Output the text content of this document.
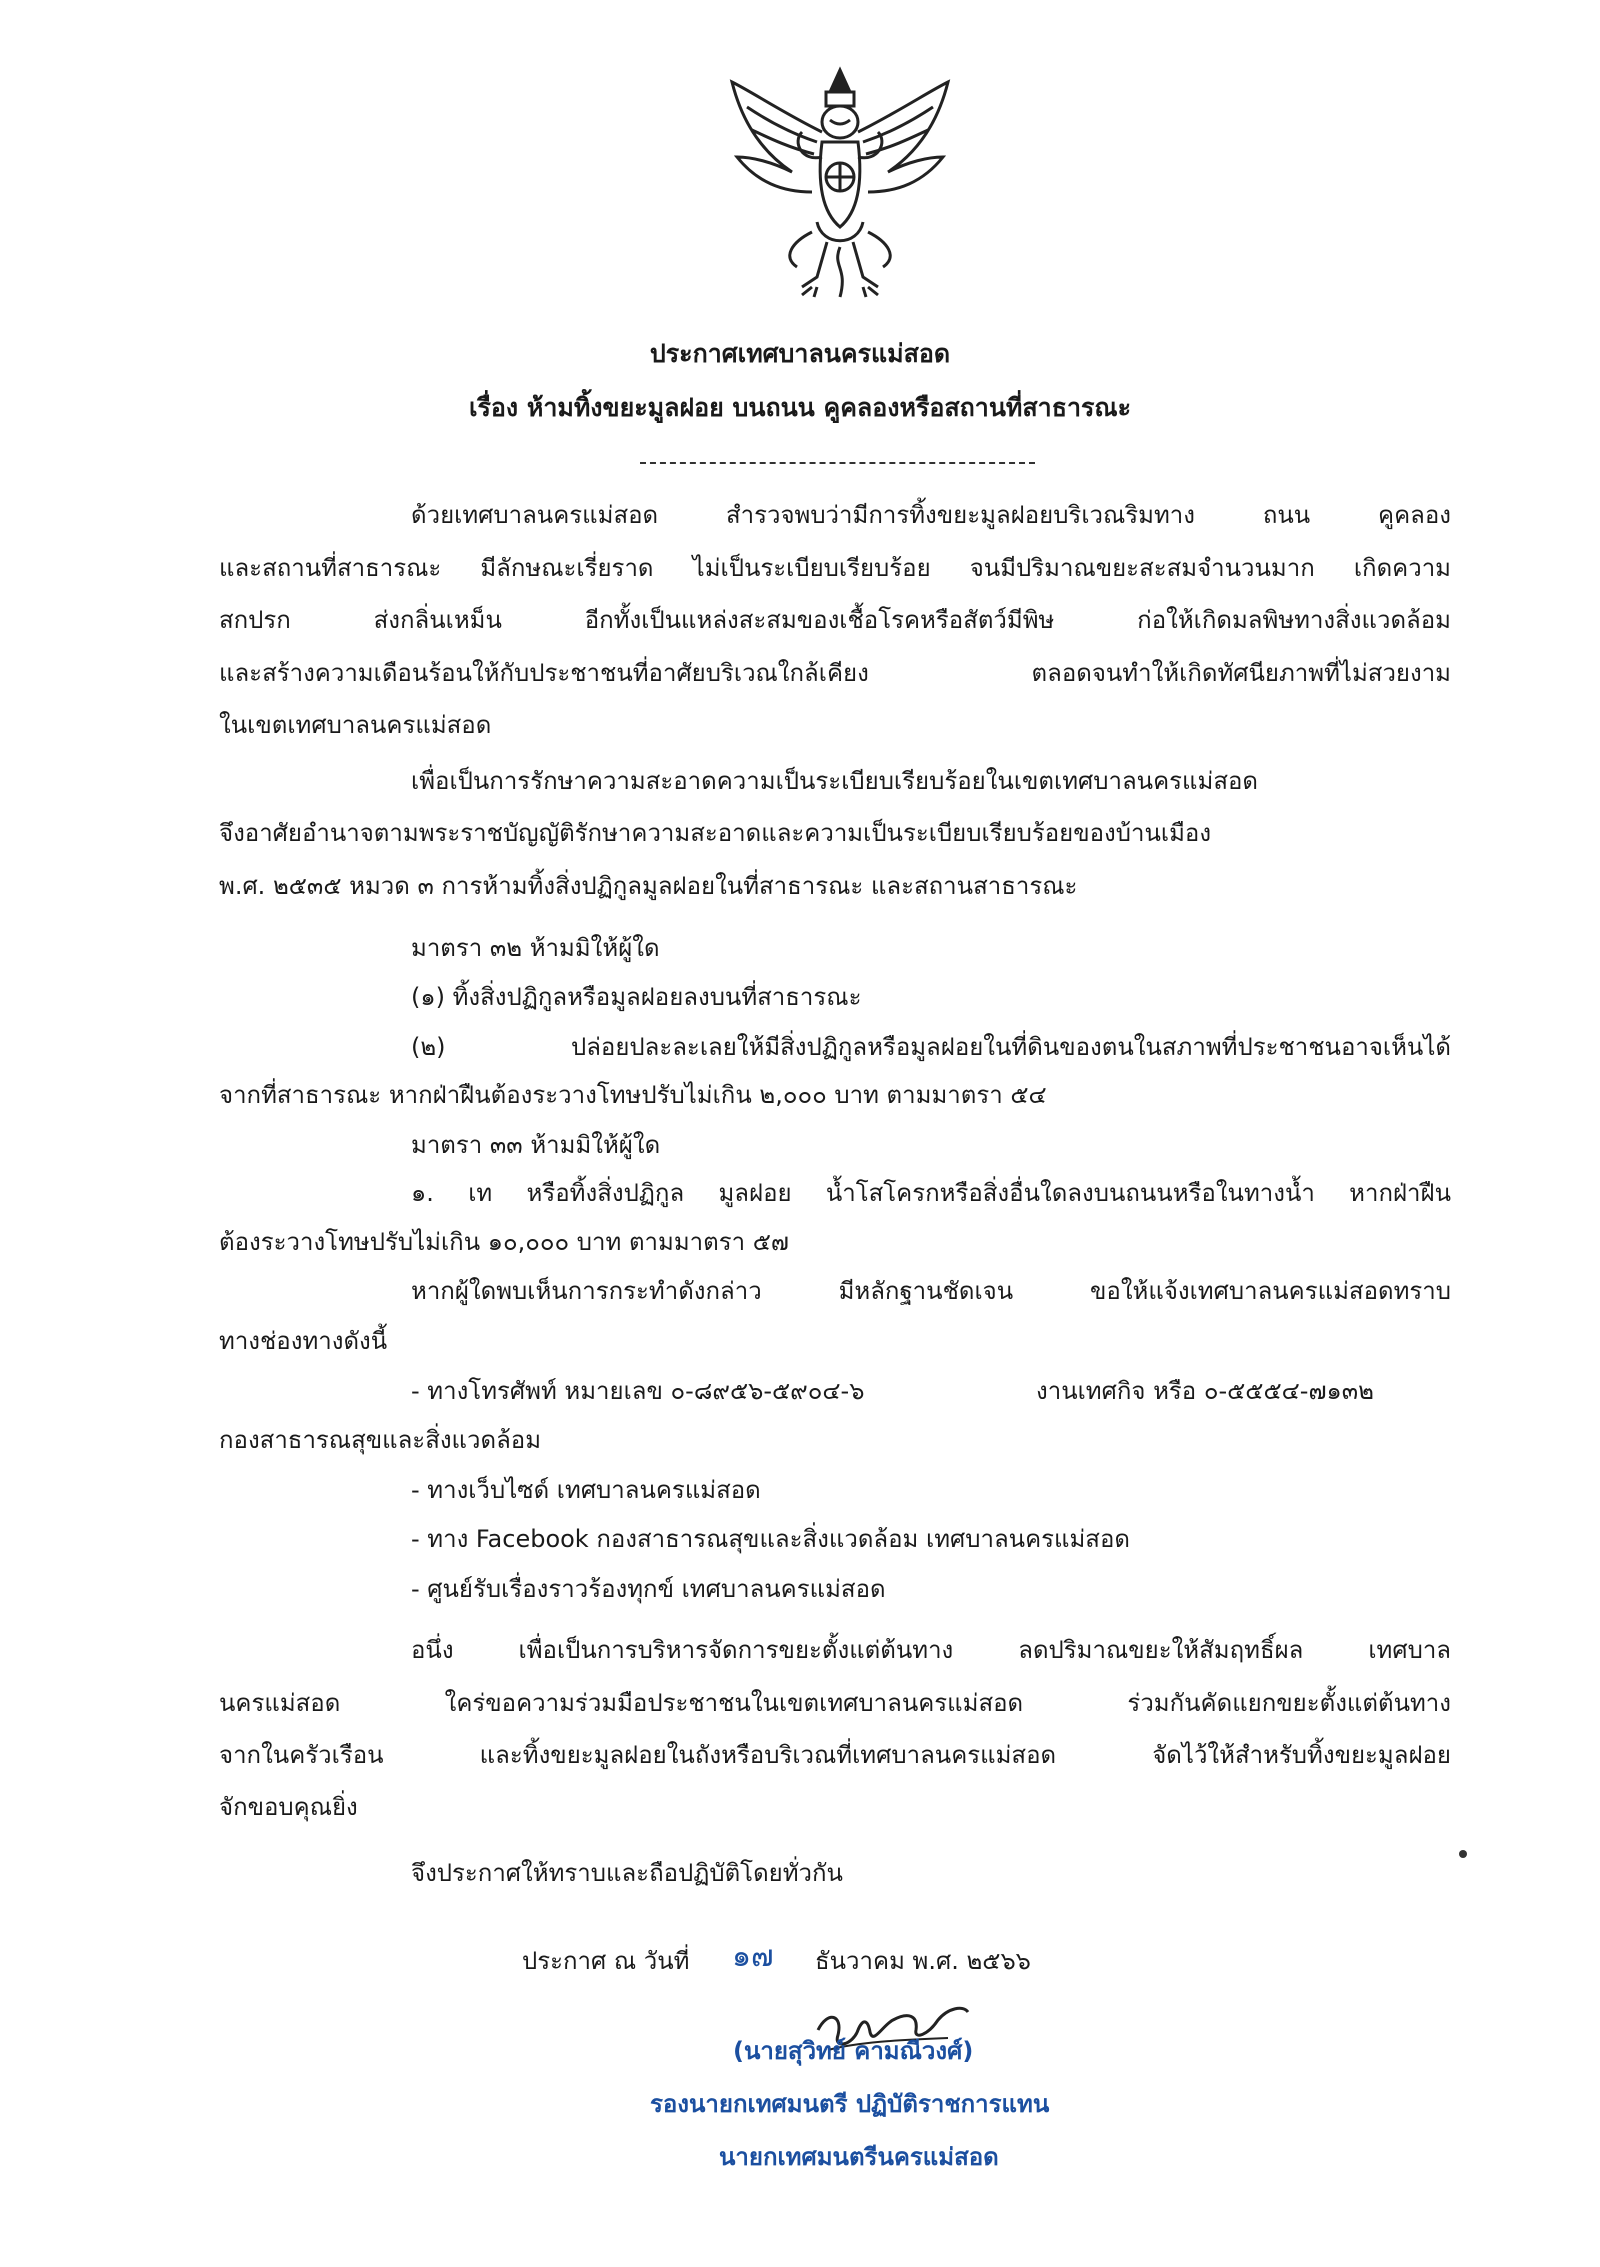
ประกาศเทศบาลนครแม่สอด
เรื่อง ห้ามทิ้งขยะมูลฝอย บนถนน คูคลองหรือสถานที่สาธารณะ
ด้วยเทศบาลนครแม่สอด สำรวจพบว่ามีการทิ้งขยะมูลฝอยบริเวณริมทาง ถนน คูคลอง
และสถานที่สาธารณะ มีลักษณะเรี่ยราด ไม่เป็นระเบียบเรียบร้อย จนมีปริมาณขยะสะสมจำนวนมาก เกิดความ
สกปรก ส่งกลิ่นเหม็น อีกทั้งเป็นแหล่งสะสมของเชื้อโรคหรือสัตว์มีพิษ ก่อให้เกิดมลพิษทางสิ่งแวดล้อม
และสร้างความเดือนร้อนให้กับประชาชนที่อาศัยบริเวณใกล้เคียง ตลอดจนทำให้เกิดทัศนียภาพที่ไม่สวยงาม
ในเขตเทศบาลนครแม่สอด
เพื่อเป็นการรักษาความสะอาดความเป็นระเบียบเรียบร้อยในเขตเทศบาลนครแม่สอด
จึงอาศัยอำนาจตามพระราชบัญญัติรักษาความสะอาดและความเป็นระเบียบเรียบร้อยของบ้านเมือง
พ.ศ. ๒๕๓๕ หมวด ๓ การห้ามทิ้งสิ่งปฏิกูลมูลฝอยในที่สาธารณะ และสถานสาธารณะ
มาตรา ๓๒ ห้ามมิให้ผู้ใด
(๑) ทิ้งสิ่งปฏิกูลหรือมูลฝอยลงบนที่สาธารณะ
(๒) ปล่อยปละละเลยให้มีสิ่งปฏิกูลหรือมูลฝอยในที่ดินของตนในสภาพที่ประชาชนอาจเห็นได้
จากที่สาธารณะ หากฝ่าฝืนต้องระวางโทษปรับไม่เกิน ๒,๐๐๐ บาท ตามมาตรา ๕๔
มาตรา ๓๓ ห้ามมิให้ผู้ใด
๑. เท หรือทิ้งสิ่งปฏิกูล มูลฝอย น้ำโสโครกหรือสิ่งอื่นใดลงบนถนนหรือในทางน้ำ หากฝ่าฝืน
ต้องระวางโทษปรับไม่เกิน ๑๐,๐๐๐ บาท ตามมาตรา ๕๗
หากผู้ใดพบเห็นการกระทำดังกล่าว มีหลักฐานชัดเจน ขอให้แจ้งเทศบาลนครแม่สอดทราบ
ทางช่องทางดังนี้
- ทางโทรศัพท์ หมายเลข ๐-๘๙๕๖-๕๙๐๔-๖	งานเทศกิจ หรือ ๐-๕๕๕๔-๗๑๓๒
กองสาธารณสุขและสิ่งแวดล้อม
- ทางเว็บไซด์ เทศบาลนครแม่สอด
- ทาง Facebook กองสาธารณสุขและสิ่งแวดล้อม เทศบาลนครแม่สอด
- ศูนย์รับเรื่องราวร้องทุกข์ เทศบาลนครแม่สอด
อนึ่ง เพื่อเป็นการบริหารจัดการขยะตั้งแต่ต้นทาง ลดปริมาณขยะให้สัมฤทธิ์ผล เทศบาล
นครแม่สอด ใคร่ขอความร่วมมือประชาชนในเขตเทศบาลนครแม่สอด ร่วมกันคัดแยกขยะตั้งแต่ต้นทาง
จากในครัวเรือน และทิ้งขยะมูลฝอยในถังหรือบริเวณที่เทศบาลนครแม่สอด จัดไว้ให้สำหรับทิ้งขยะมูลฝอย
จักขอบคุณยิ่ง
จึงประกาศให้ทราบและถือปฏิบัติโดยทั่วกัน
ประกาศ ณ วันที่ ๑๗ ธันวาคม พ.ศ. ๒๕๖๖
(นายสุวิทย์ คามณีวงศ์)
รองนายกเทศมนตรี ปฏิบัติราชการแทน
นายกเทศมนตรีนครแม่สอด
